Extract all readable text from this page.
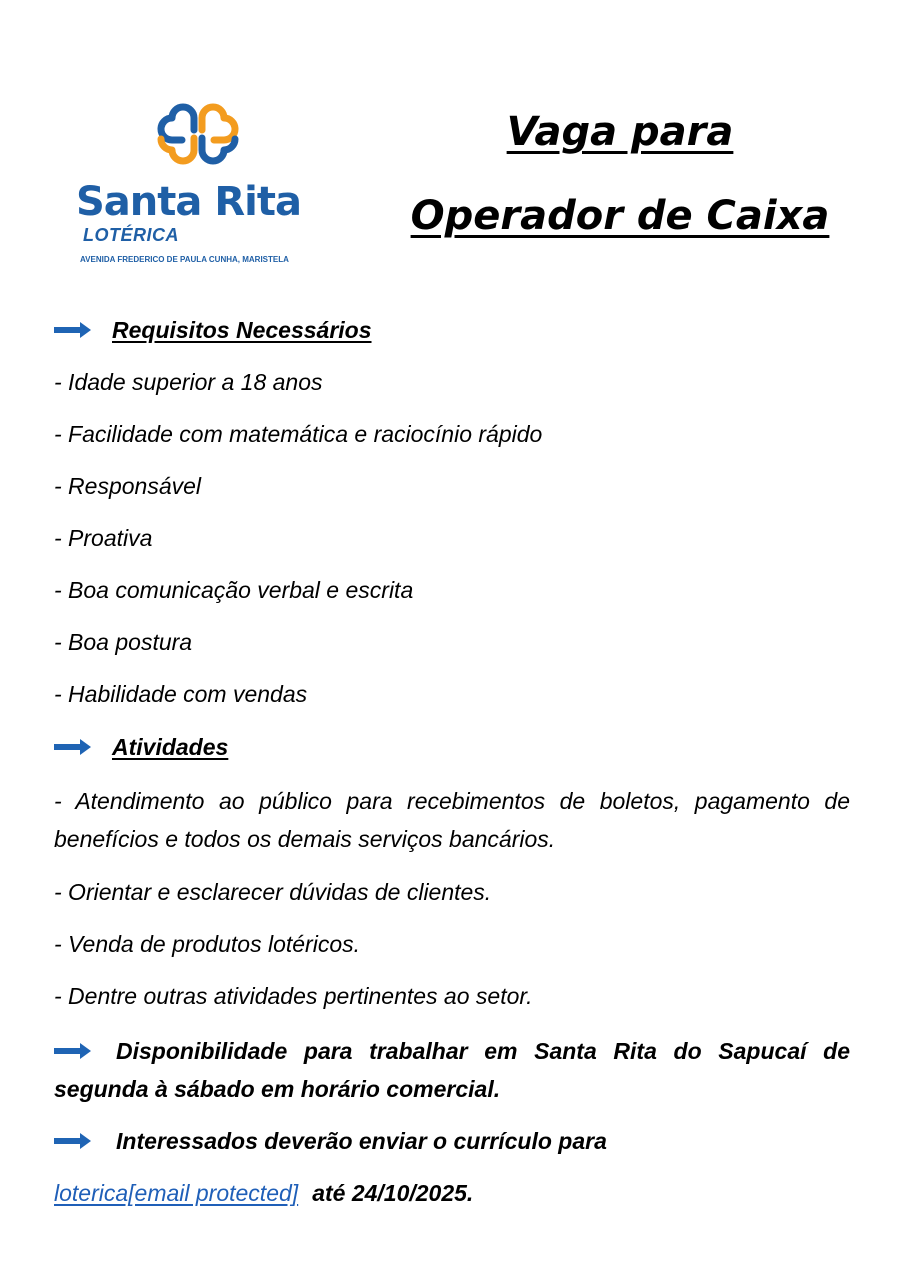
Santa Rita
LOTÉRICA
AVENIDA FREDERICO DE PAULA CUNHA, MARISTELA
Vaga para
Operador de Caixa
Requisitos Necessários
- Idade superior a 18 anos
- Facilidade com matemática e raciocínio rápido
- Responsável
- Proativa
- Boa comunicação verbal e escrita
- Boa postura
- Habilidade com vendas
Atividades
- Atendimento ao público para recebimentos de boletos, pagamento de benefícios e todos os demais serviços bancários.
- Orientar e esclarecer dúvidas de clientes.
- Venda de produtos lotéricos.
- Dentre outras atividades pertinentes ao setor.
Disponibilidade para trabalhar em Santa Rita do Sapucaí de segunda à sábado em horário comercial.
Interessados deverão enviar o currículo para
loterica[email protected] até 24/10/2025.
